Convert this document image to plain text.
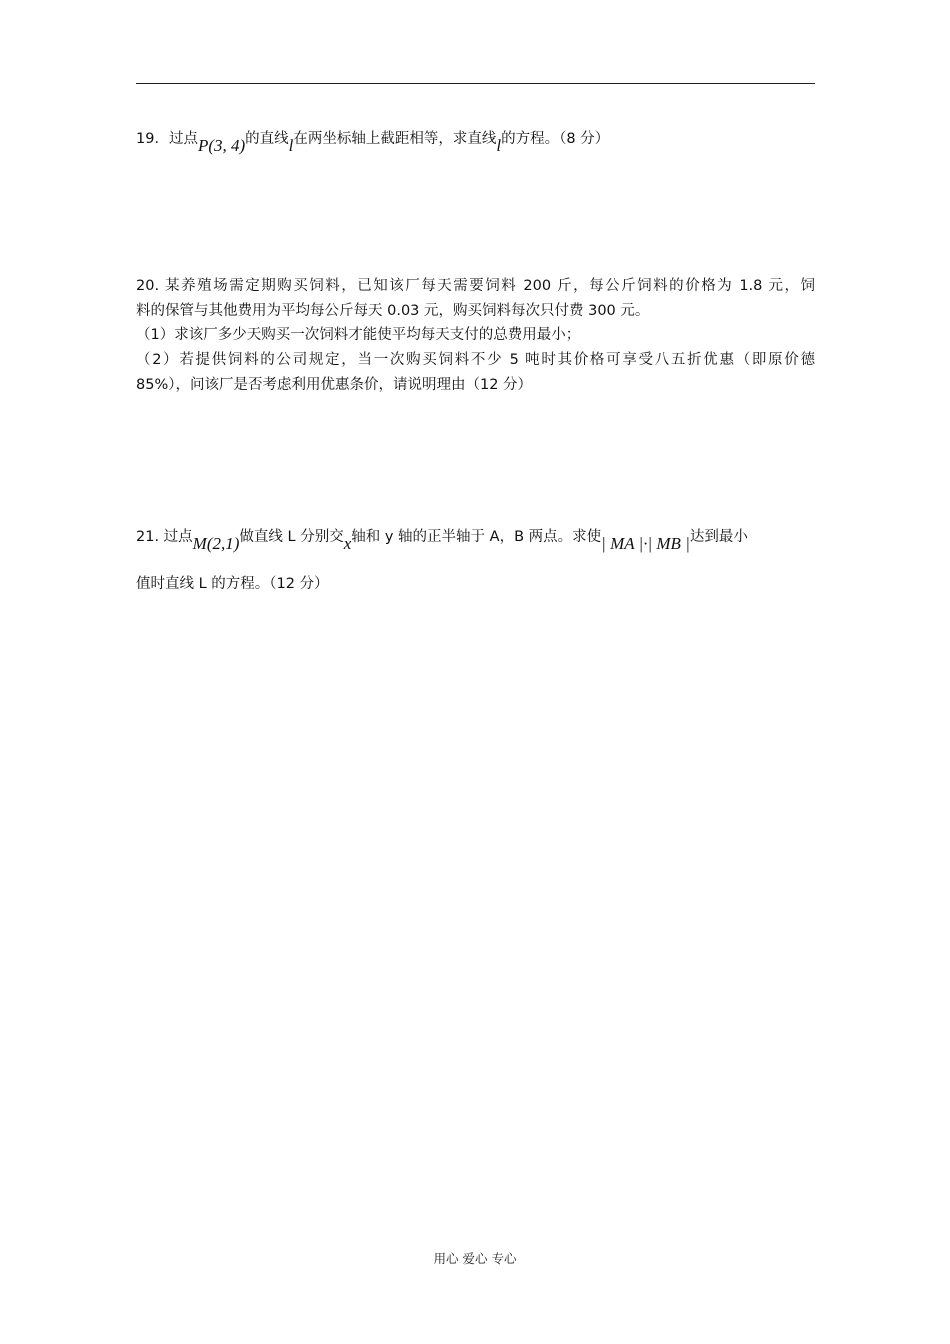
19．过点P(3, 4)的直线l在两坐标轴上截距相等，求直线l的方程。（8 分）
20. 某养殖场需定期购买饲料，已知该厂每天需要饲料 200 斤，每公斤饲料的价格为 1.8 元，饲
料的保管与其他费用为平均每公斤每天 0.03 元，购买饲料每次只付费 300 元。
（1）求该厂多少天购买一次饲料才能使平均每天支付的总费用最小；
（2）若提供饲料的公司规定，当一次购买饲料不少 5 吨时其价格可享受八五折优惠（即原价德
85%），问该厂是否考虑利用优惠条价，请说明理由（12 分）
21. 过点M(2,1)做直线 L 分别交x轴和 y 轴的正半轴于 A，B 两点。求使| MA |·| MB |达到最小
值时直线 L 的方程。（12 分）
用心 爱心 专心
